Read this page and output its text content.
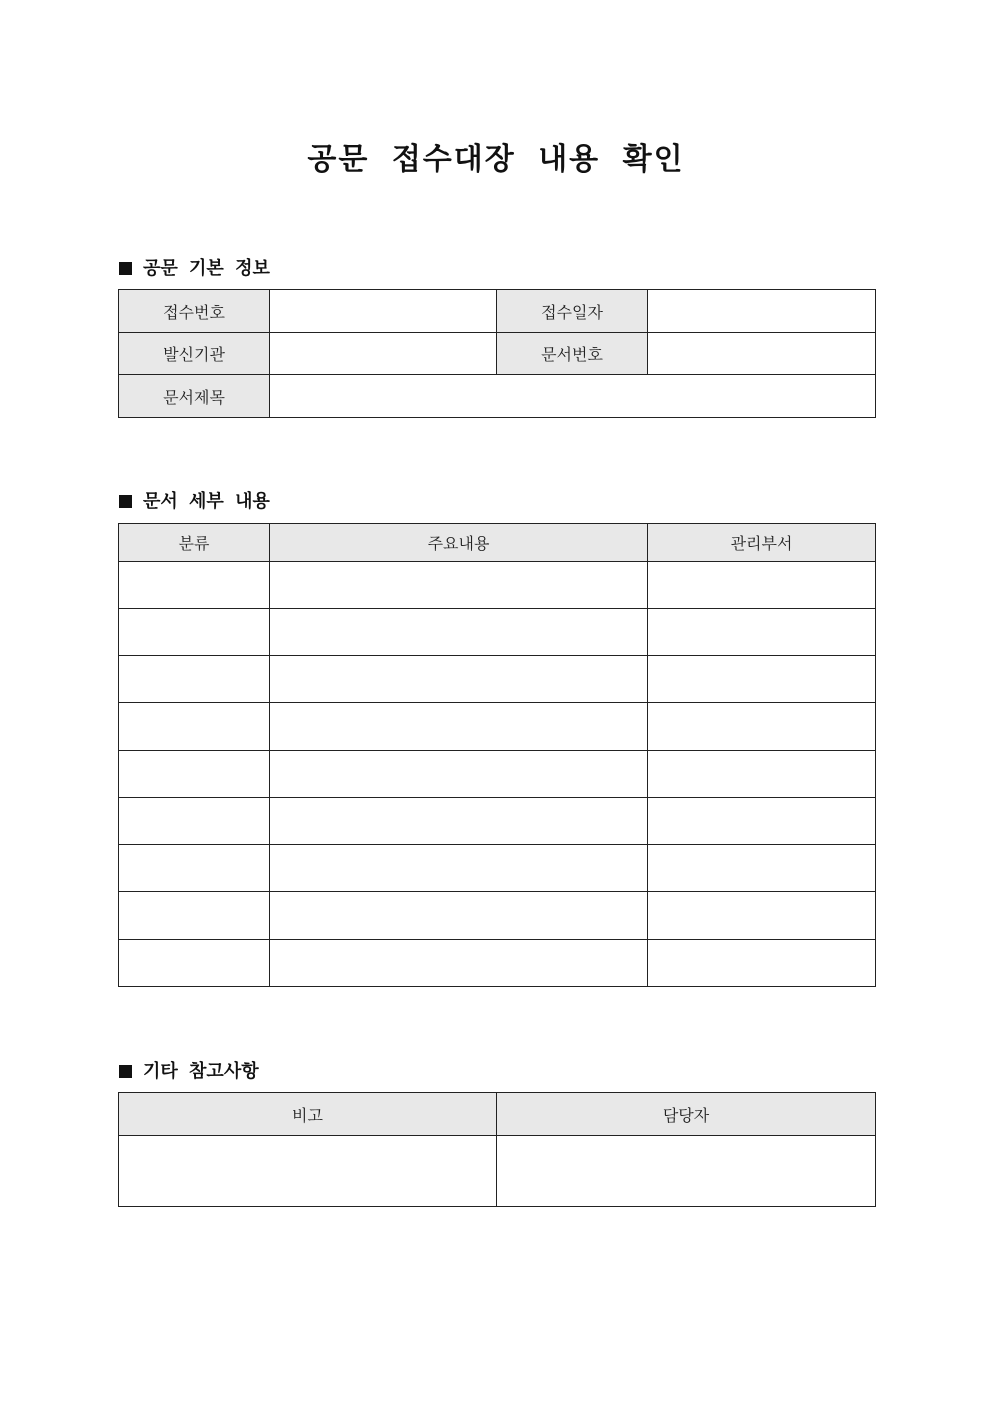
공문 접수대장 내용 확인
공문 기본 정보
접수번호		접수일자	
발신기관		문서번호	
문서제목			
문서 세부 내용
분류	주요내용	관리부서

기타 참고사항
비고	담당자
